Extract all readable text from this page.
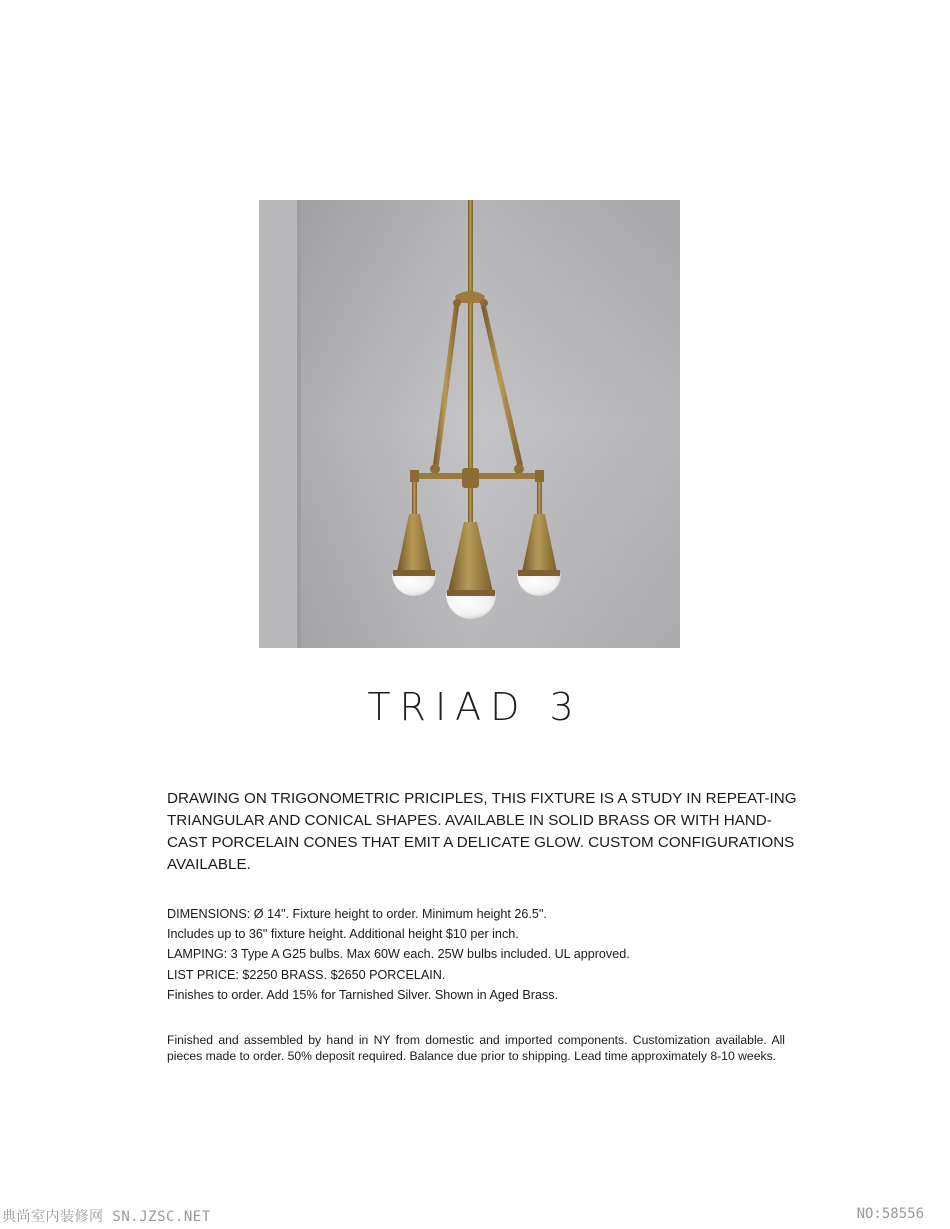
TRIAD 3

DRAWING ON TRIGONOMETRIC PRICIPLES, THIS FIXTURE IS A STUDY IN REPEAT-ING TRIANGULAR AND CONICAL SHAPES. AVAILABLE IN SOLID BRASS OR WITH HAND-CAST PORCELAIN CONES THAT EMIT A DELICATE GLOW. CUSTOM CONFIGURATIONS AVAILABLE.

DIMENSIONS: Ø 14". Fixture height to order. Minimum height 26.5".
Includes up to 36" fixture height. Additional height $10 per inch.
LAMPING: 3 Type A G25 bulbs. Max 60W each. 25W bulbs included. UL approved.
LIST PRICE: $2250 BRASS. $2650 PORCELAIN.
Finishes to order. Add 15% for Tarnished Silver. Shown in Aged Brass.
Finished and assembled by hand in NY from domestic and imported components. Customization available. All pieces made to order. 50% deposit required. Balance due prior to shipping. Lead time approximately 8-10 weeks.
典尚室内装修网 SN.JZSC.NET	NO:58556
